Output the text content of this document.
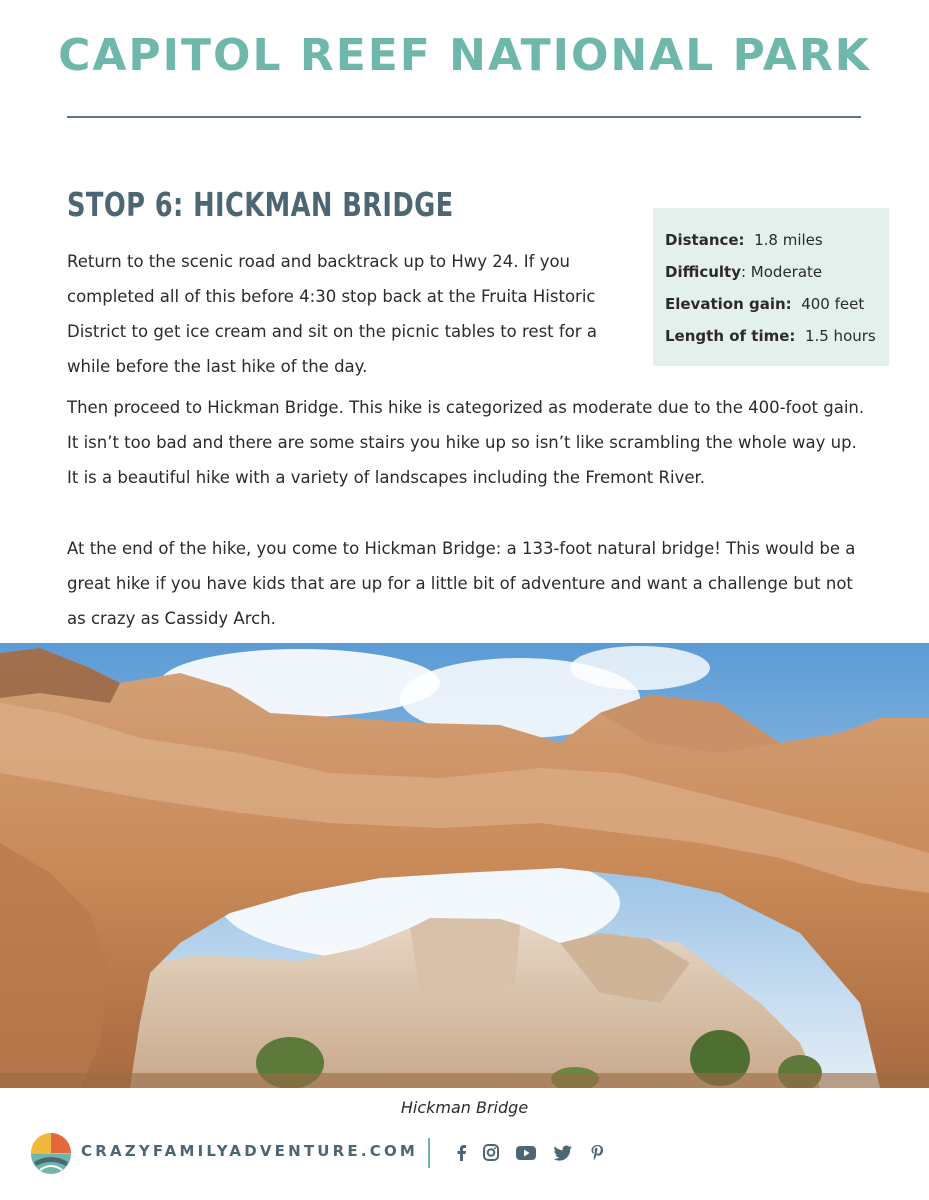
CAPITOL REEF NATIONAL PARK
STOP 6: HICKMAN BRIDGE
Distance: 1.8 miles
Difficulty: Moderate
Elevation gain: 400 feet
Length of time: 1.5 hours

Return to the scenic road and backtrack up to Hwy 24. If you completed all of this before 4:30 stop back at the Fruita Historic District to get ice cream and sit on the picnic tables to rest for a while before the last hike of the day.

Then proceed to Hickman Bridge. This hike is categorized as moderate due to the 400-foot gain. It isn’t too bad and there are some stairs you hike up so isn’t like scrambling the whole way up. It is a beautiful hike with a variety of landscapes including the Fremont River.

At the end of the hike, you come to Hickman Bridge: a 133-foot natural bridge! This would be a great hike if you have kids that are up for a little bit of adventure and want a challenge but not as crazy as Cassidy Arch.

Hickman Bridge
CRAZYFAMILYADVENTURE.COM
